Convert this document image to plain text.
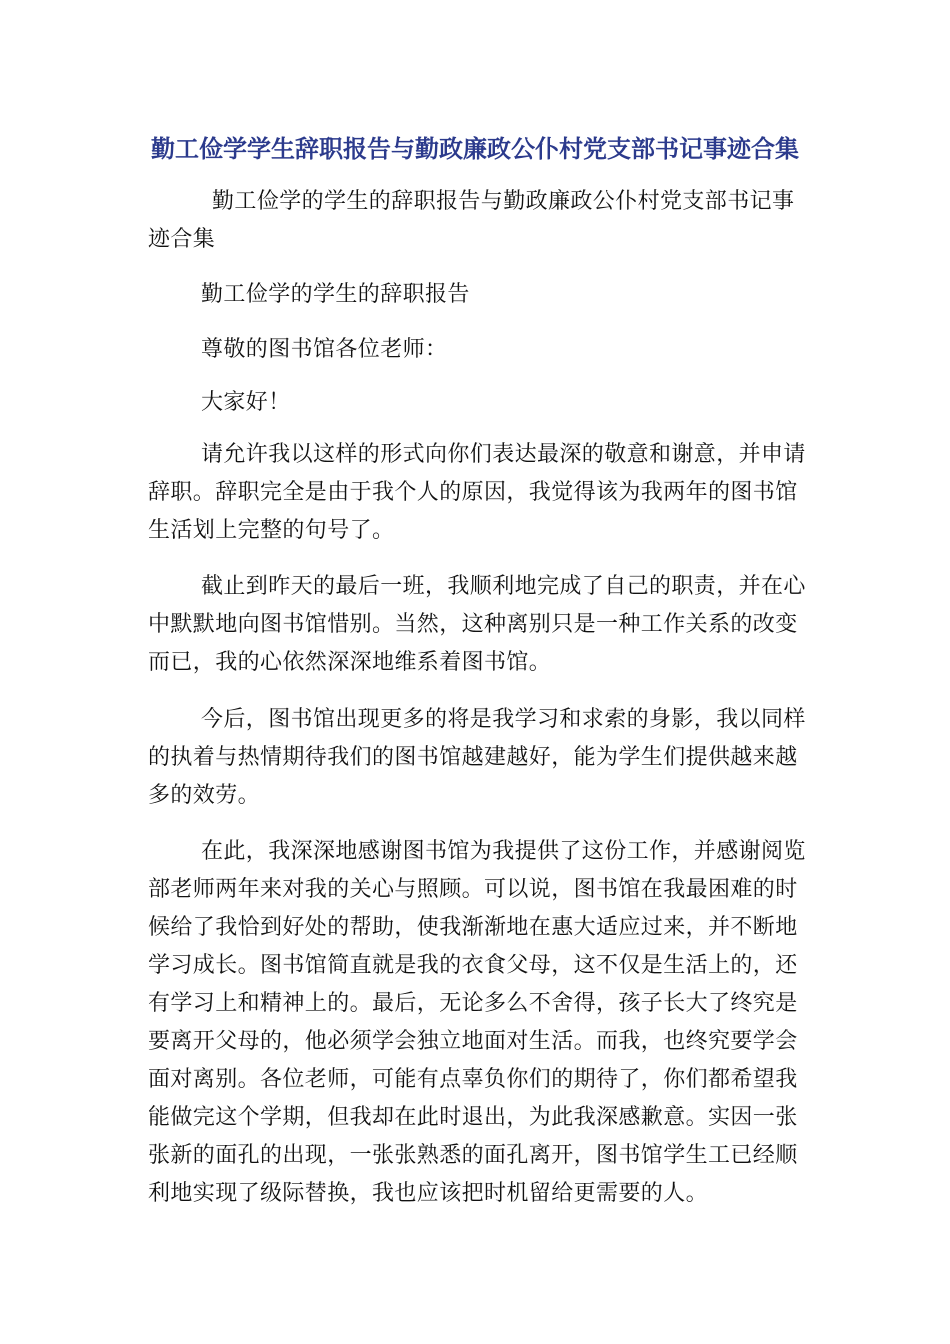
勤工俭学学生辞职报告与勤政廉政公仆村党支部书记事迹合集

勤工俭学的学生的辞职报告与勤政廉政公仆村党支部书记事迹合集

勤工俭学的学生的辞职报告

尊敬的图书馆各位老师：

大家好！

请允许我以这样的形式向你们表达最深的敬意和谢意，并申请辞职。辞职完全是由于我个人的原因，我觉得该为我两年的图书馆生活划上完整的句号了。

截止到昨天的最后一班，我顺利地完成了自己的职责，并在心中默默地向图书馆惜别。当然，这种离别只是一种工作关系的改变而已，我的心依然深深地维系着图书馆。

今后，图书馆出现更多的将是我学习和求索的身影，我以同样的执着与热情期待我们的图书馆越建越好，能为学生们提供越来越多的效劳。

在此，我深深地感谢图书馆为我提供了这份工作，并感谢阅览部老师两年来对我的关心与照顾。可以说，图书馆在我最困难的时候给了我恰到好处的帮助，使我渐渐地在惠大适应过来，并不断地学习成长。图书馆简直就是我的衣食父母，这不仅是生活上的，还有学习上和精神上的。最后，无论多么不舍得，孩子长大了终究是要离开父母的，他必须学会独立地面对生活。而我，也终究要学会面对离别。各位老师，可能有点辜负你们的期待了，你们都希望我能做完这个学期，但我却在此时退出，为此我深感歉意。实因一张张新的面孔的出现，一张张熟悉的面孔离开，图书馆学生工已经顺利地实现了级际替换，我也应该把时机留给更需要的人。
